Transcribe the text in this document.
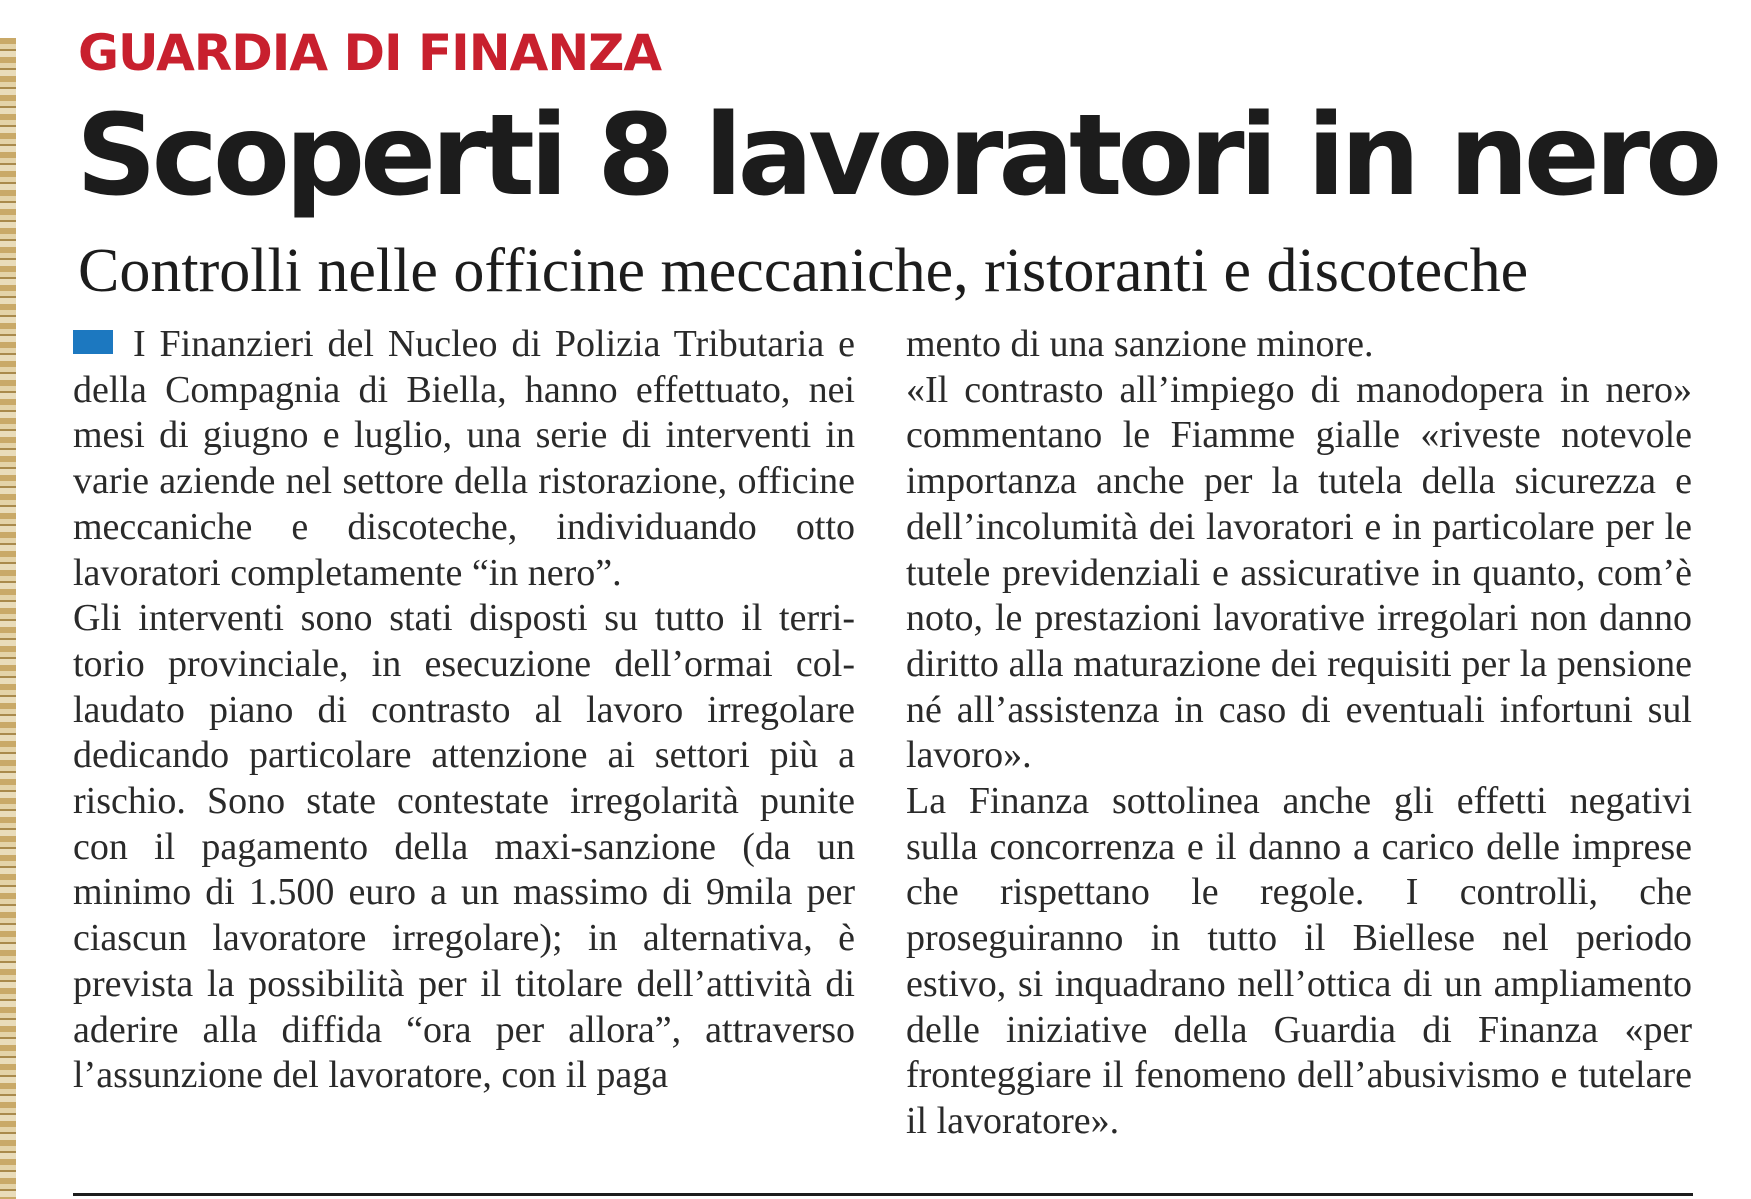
GUARDIA DI FINANZA
Scoperti 8 lavoratori in nero
Controlli nelle officine meccaniche, ristoranti e discoteche

I Finanzieri del Nucleo di Polizia Tributaria e della Compagnia di Biella, hanno effettuato, nei mesi di giugno e luglio, una serie di interventi in varie aziende nel settore della ristorazione, officine meccaniche e discoteche, individuando otto lavoratori completamente “in nero”.

Gli interventi sono stati disposti su tutto il territorio provinciale, in esecuzione dell’ormai collaudato piano di contrasto al lavoro irregolare dedicando particolare attenzione ai settori più a rischio. Sono state contestate irregolarità punite con il pagamento della maxi-sanzione (da un minimo di 1.500 euro a un massimo di 9mila per ciascun lavoratore irregolare); in alternativa, è prevista la possibilità per il titolare dell’attività di aderire alla diffida “ora per allora”, attraverso l’assunzione del lavoratore, con il paga

mento di una sanzione minore.

«Il contrasto all’impiego di manodopera in nero» commentano le Fiamme gialle «riveste notevole importanza anche per la tutela della sicurezza e dell’incolumità dei lavoratori e in particolare per le tutele previdenziali e assicurative in quanto, com’è noto, le prestazioni lavorative irregolari non danno diritto alla maturazione dei requisiti per la pensione né all’assistenza in caso di eventuali infortuni sul lavoro».

La Finanza sottolinea anche gli effetti negativi sulla concorrenza e il danno a carico delle imprese che rispettano le regole. I controlli, che proseguiranno in tutto il Biellese nel periodo estivo, si inquadrano nell’ottica di un ampliamento delle iniziative della Guardia di Finanza «per fronteggiare il fenomeno dell’abusivismo e tutelare il lavoratore».
